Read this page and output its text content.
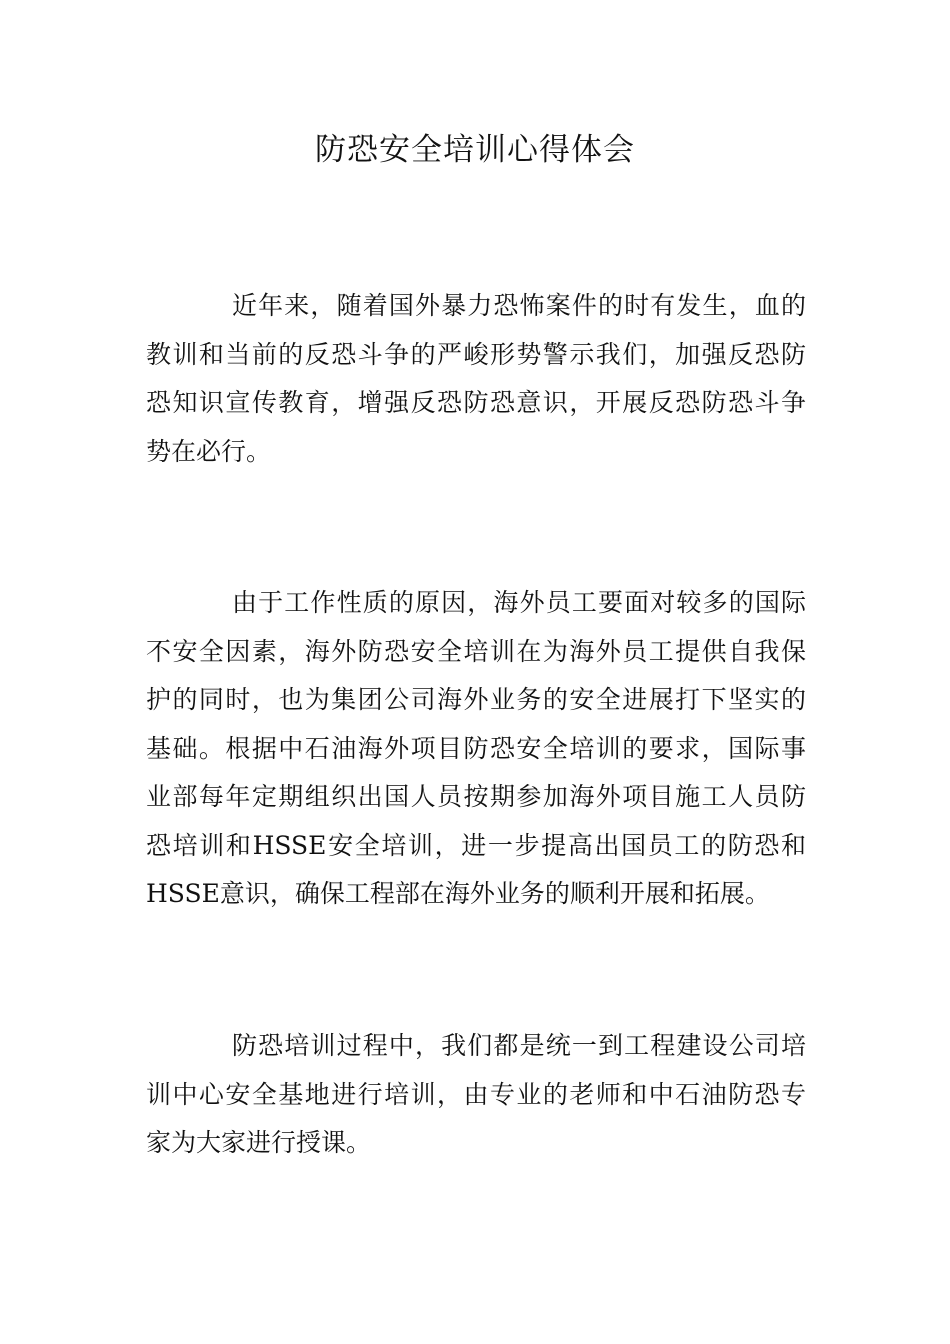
防恐安全培训心得体会
近年来，随着国外暴力恐怖案件的时有发生，血的
教训和当前的反恐斗争的严峻形势警示我们，加强反恐防
恐知识宣传教育，增强反恐防恐意识，开展反恐防恐斗争
势在必行。
由于工作性质的原因，海外员工要面对较多的国际
不安全因素，海外防恐安全培训在为海外员工提供自我保
护的同时，也为集团公司海外业务的安全进展打下坚实的
基础。根据中石油海外项目防恐安全培训的要求，国际事
业部每年定期组织出国人员按期参加海外项目施工人员防
恐培训和HSSE安全培训，进一步提高出国员工的防恐和
HSSE意识，确保工程部在海外业务的顺利开展和拓展。
防恐培训过程中，我们都是统一到工程建设公司培
训中心安全基地进行培训，由专业的老师和中石油防恐专
家为大家进行授课。
